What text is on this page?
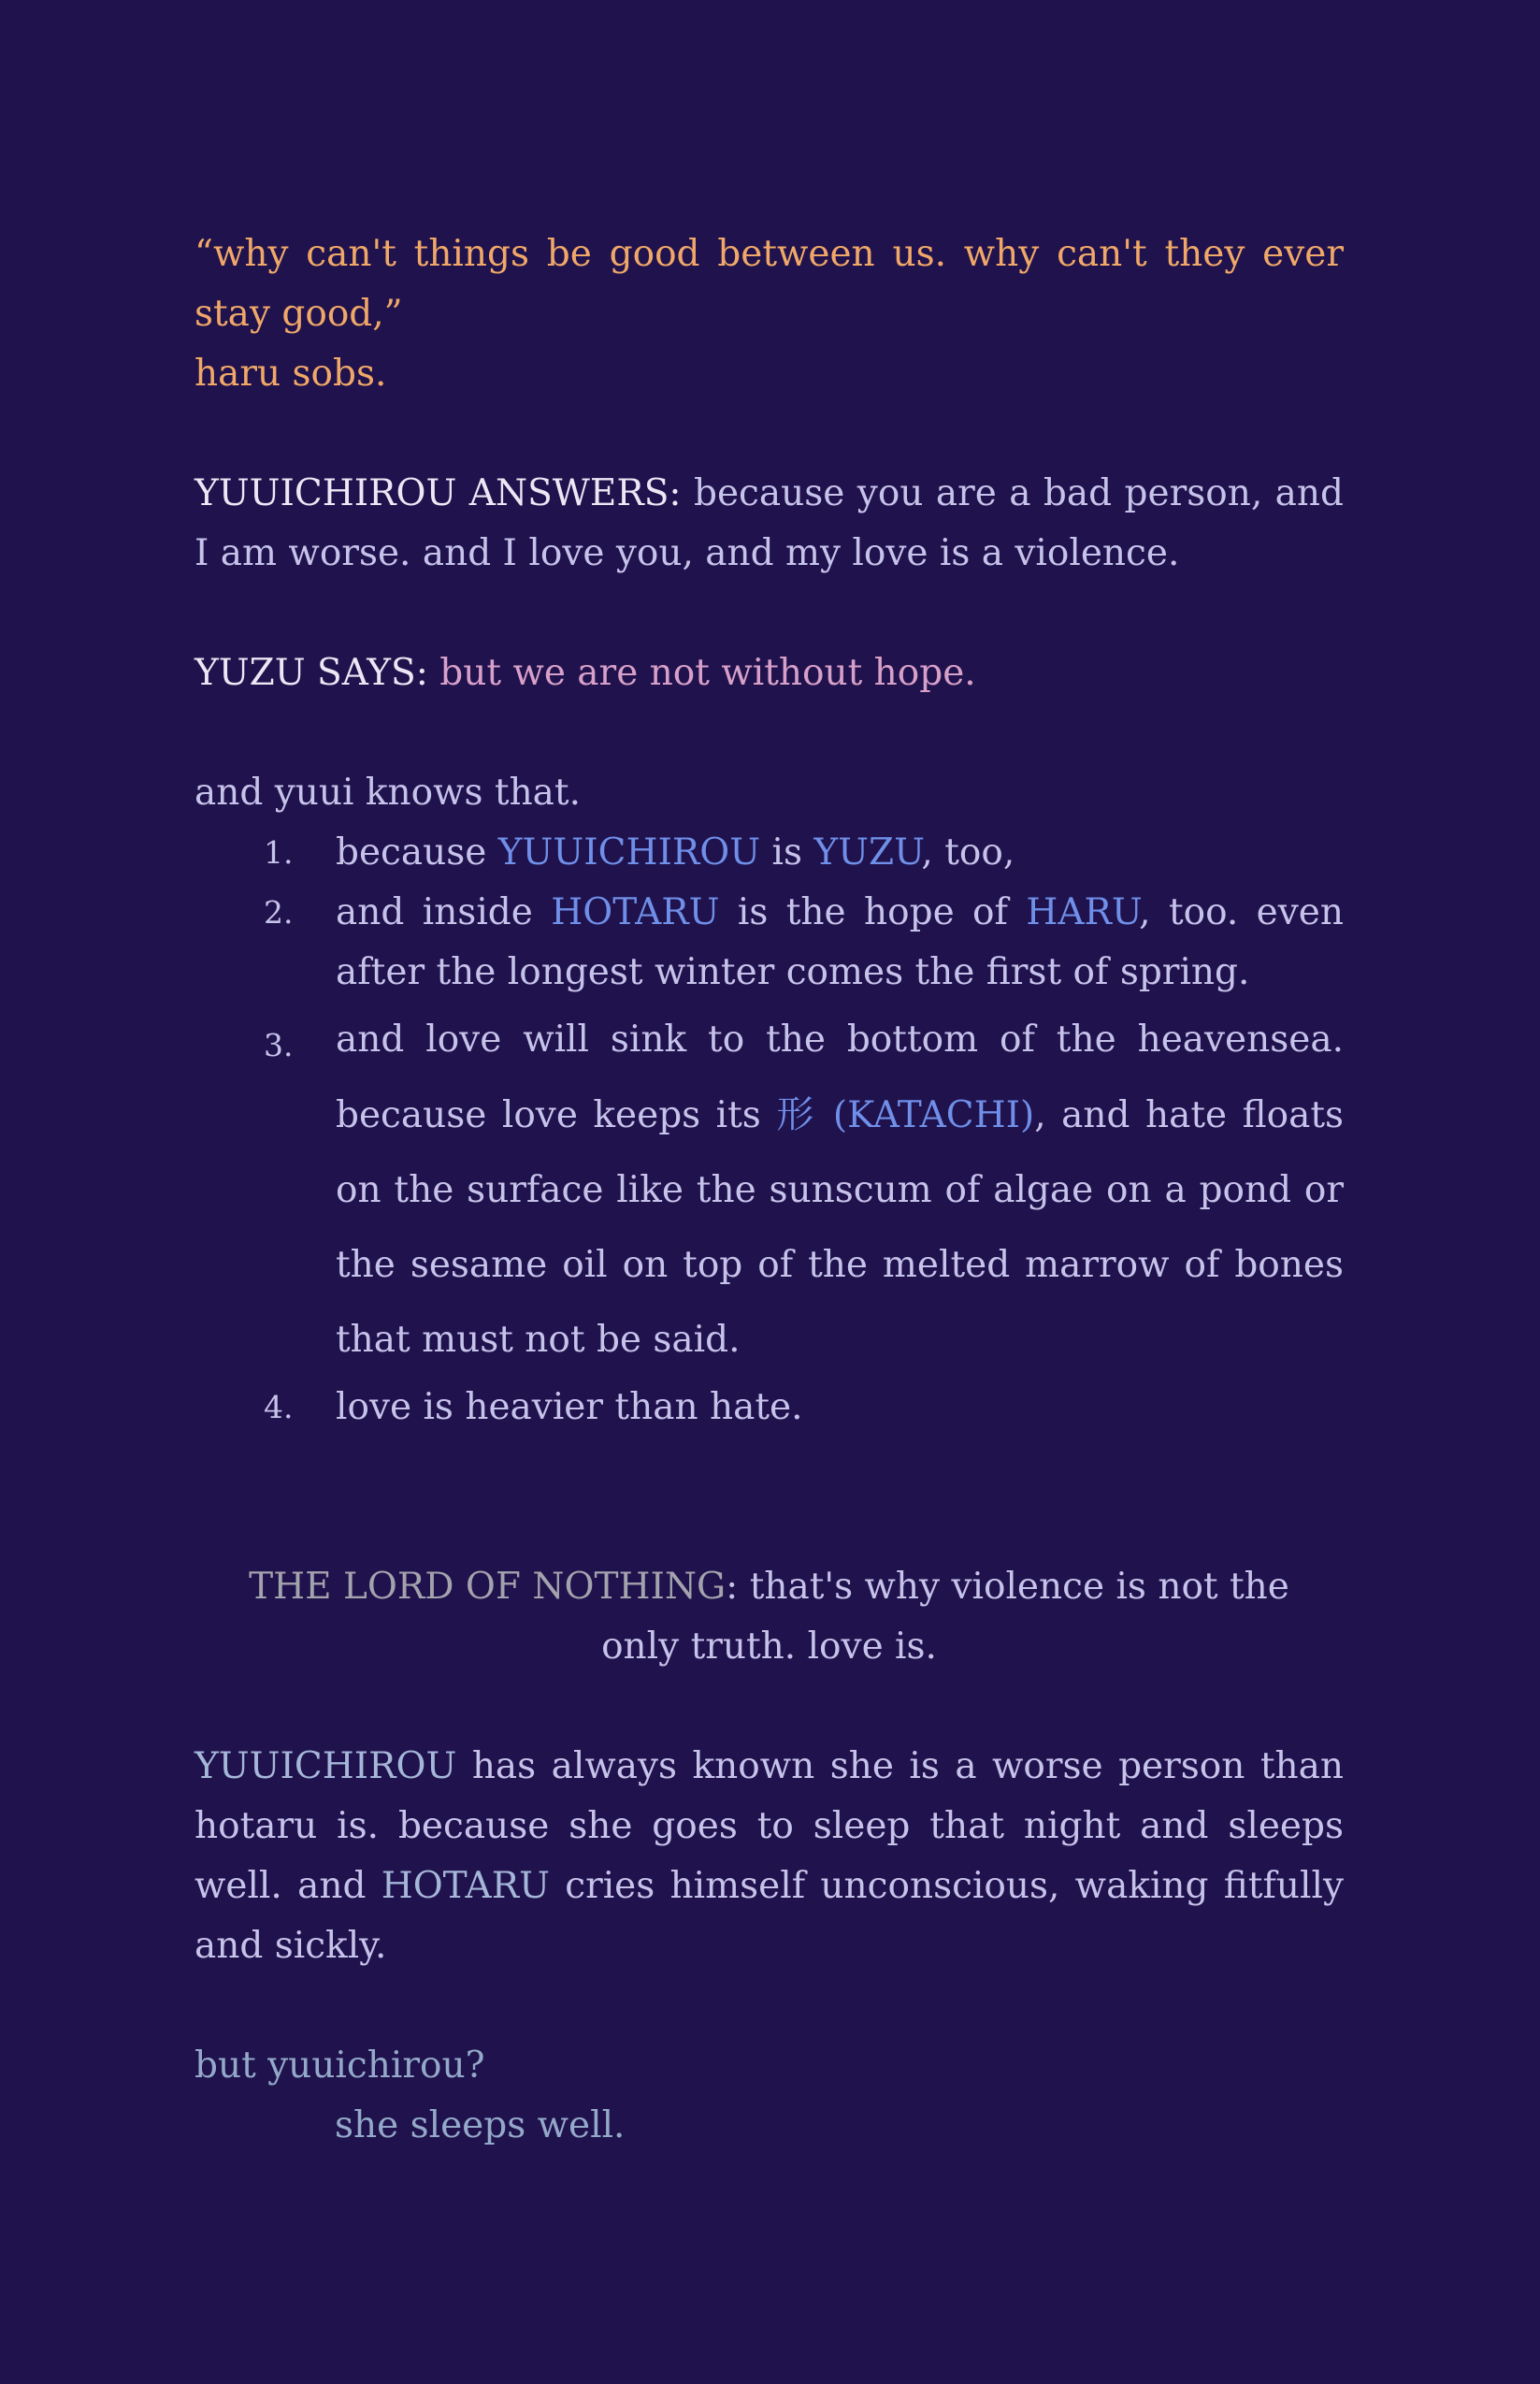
“why can't things be good between us. why can't they ever stay good,”
haru sobs.

YUUICHIROU ANSWERS: because you are a bad person, and I am worse. and I love you, and my love is a violence.

YUZU SAYS: but we are not without hope.

and yuui knows that.

1. because YUUICHIROU is YUZU, too,
2. and inside HOTARU is the hope of HARU, too. even after the longest winter comes the first of spring.
3. and love will sink to the bottom of the heavensea. because love keeps its 形 (KATACHI), and hate floats on the surface like the sunscum of algae on a pond or the sesame oil on top of the melted marrow of bones that must not be said.
4. love is heavier than hate.

THE LORD OF NOTHING: that's why violence is not the only truth. love is.

YUUICHIROU has always known she is a worse person than hotaru is. because she goes to sleep that night and sleeps well. and HOTARU cries himself unconscious, waking fitfully and sickly.

but yuuichirou?
she sleeps well.
